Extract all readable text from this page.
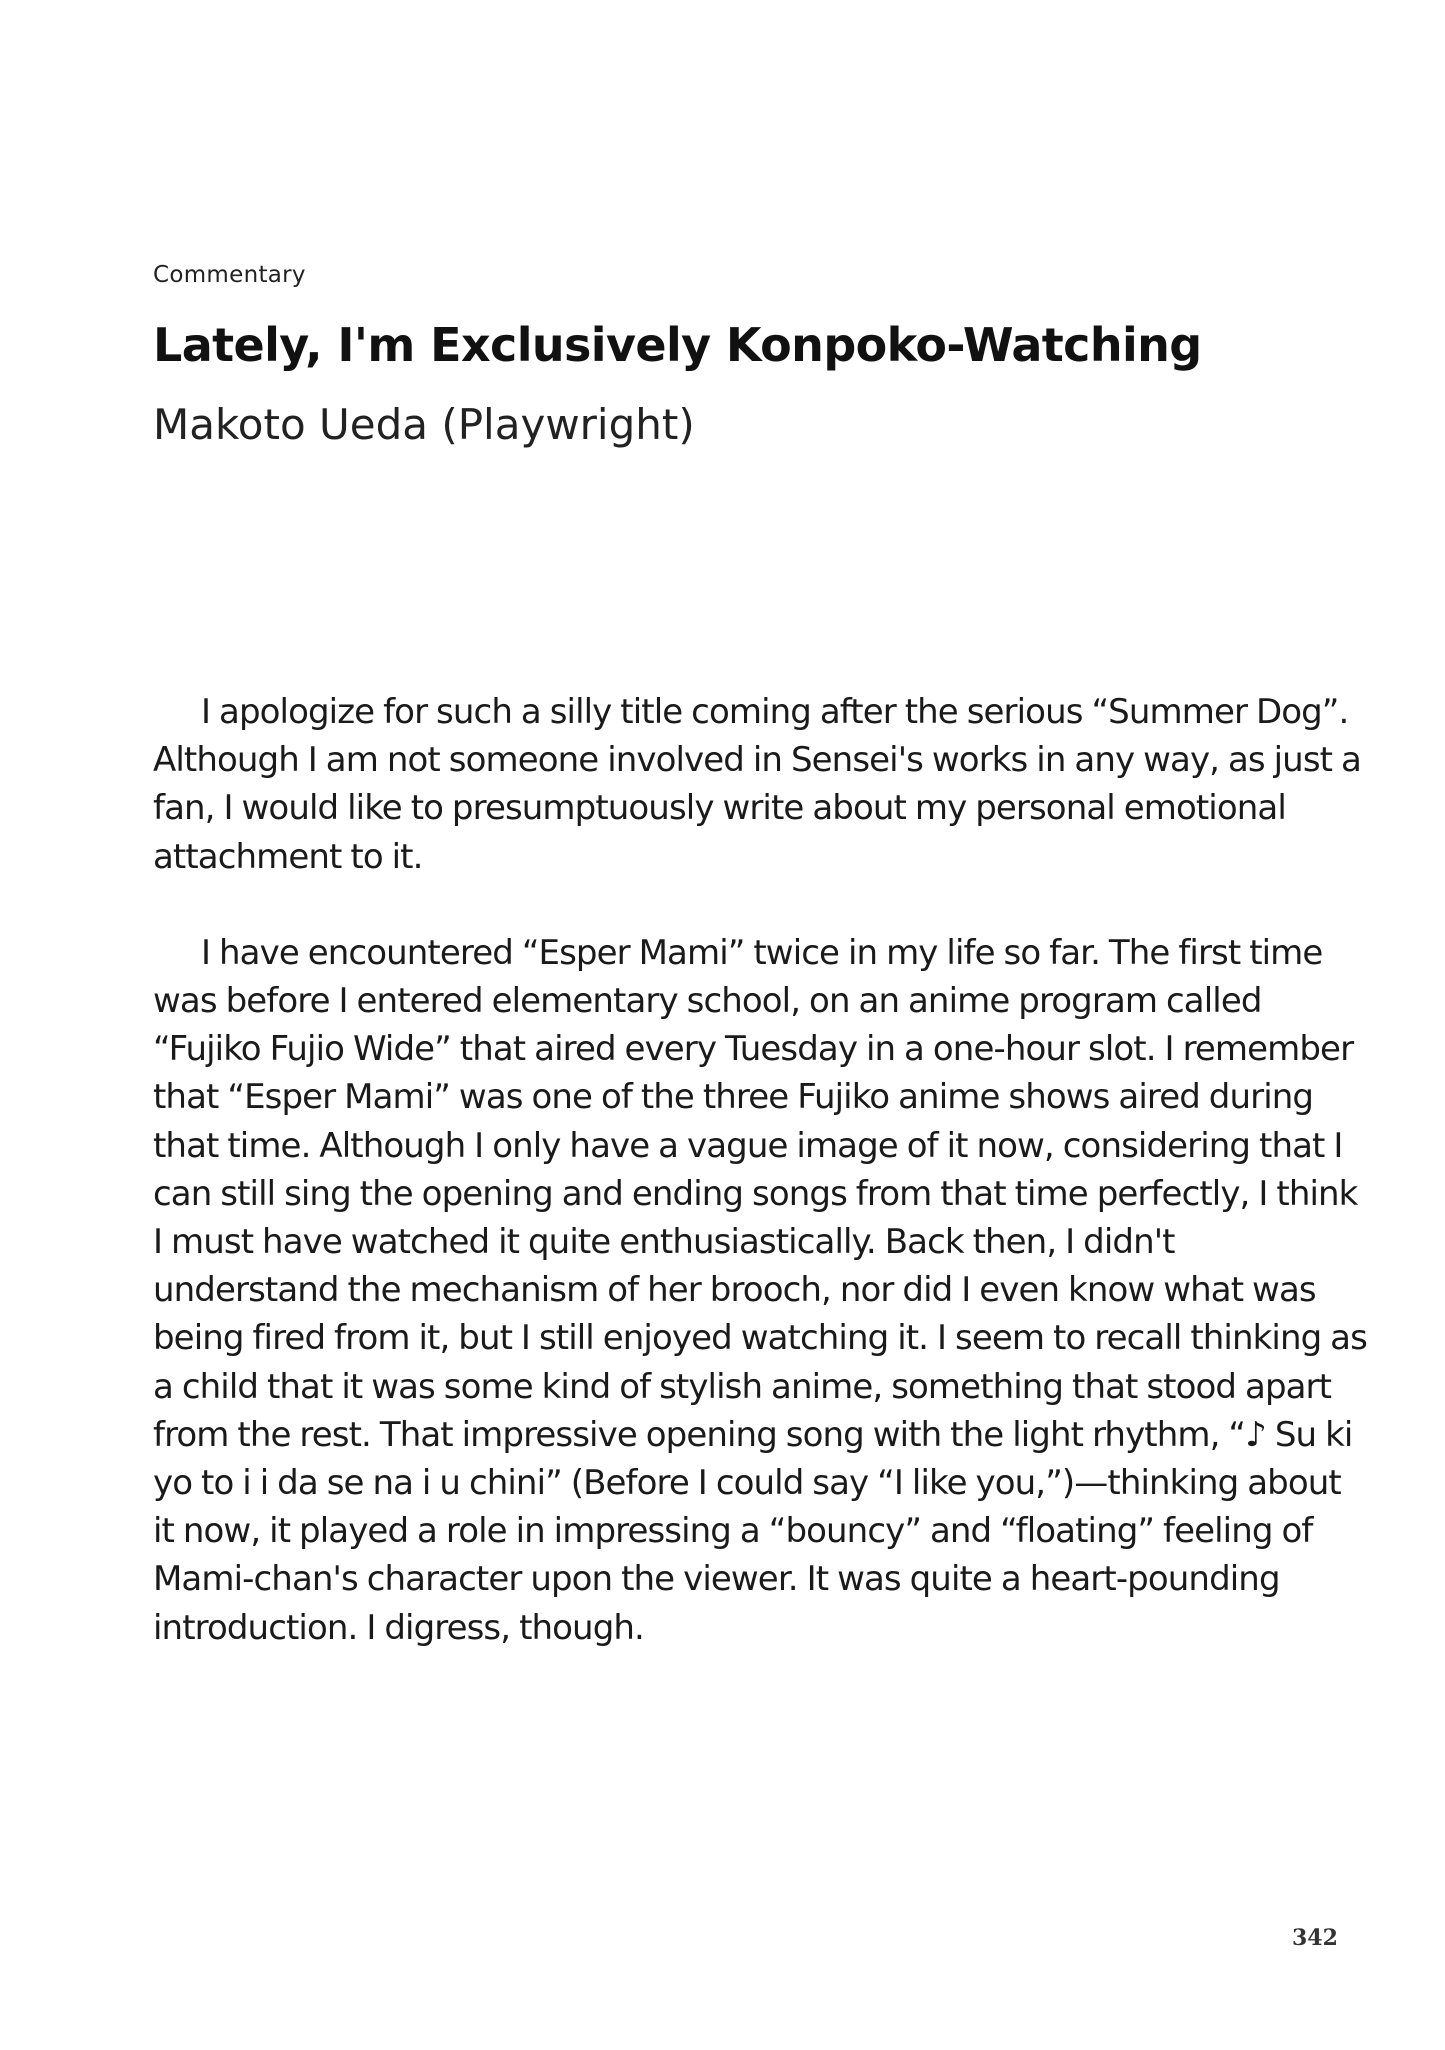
Commentary
Lately, I'm Exclusively Konpoko-Watching
Makoto Ueda (Playwright)

I apologize for such a silly title coming after the serious “Summer Dog”. Although I am not someone involved in Sensei's works in any way, as just a fan, I would like to presumptuously write about my personal emotional attachment to it.

I have encountered “Esper Mami” twice in my life so far. The first time was before I entered elementary school, on an anime program called “Fujiko Fujio Wide” that aired every Tuesday in a one-hour slot. I remember that “Esper Mami” was one of the three Fujiko anime shows aired during that time. Although I only have a vague image of it now, considering that I can still sing the opening and ending songs from that time perfectly, I think I must have watched it quite enthusiastically. Back then, I didn't understand the mechanism of her brooch, nor did I even know what was being fired from it, but I still enjoyed watching it. I seem to recall thinking as a child that it was some kind of stylish anime, something that stood apart from the rest. That impressive opening song with the light rhythm, “♪ Su ki yo to i i da se na i u chini” (Before I could say “I like you,”)—thinking about it now, it played a role in impressing a “bouncy” and “floating” feeling of Mami-chan's character upon the viewer. It was quite a heart-pounding introduction. I digress, though.

342
